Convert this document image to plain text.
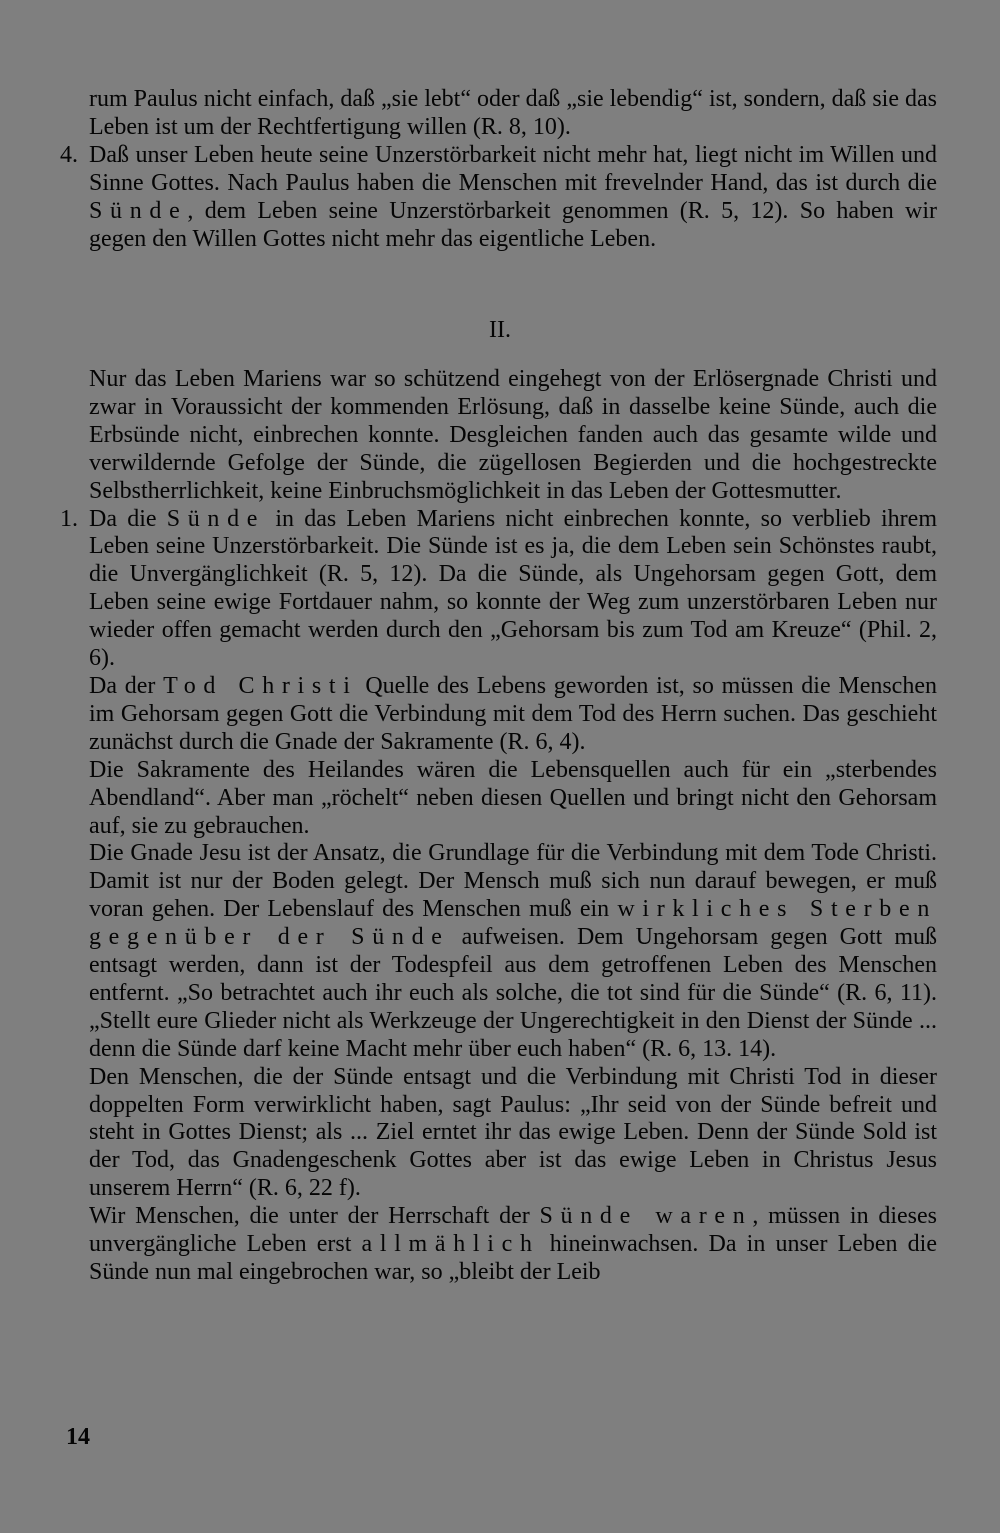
rum Paulus nicht einfach, daß „sie lebt“ oder daß „sie lebendig“ ist, sondern, daß sie das Leben ist um der Rechtfertigung willen (R. 8, 10).

4. Daß unser Leben heute seine Unzerstörbarkeit nicht mehr hat, liegt nicht im Willen und Sinne Gottes. Nach Paulus haben die Menschen mit frevelnder Hand, das ist durch die Sünde, dem Leben seine Unzerstörbarkeit genommen (R. 5, 12). So haben wir gegen den Willen Gottes nicht mehr das eigentliche Leben.

II.

Nur das Leben Mariens war so schützend eingehegt von der Erlösergnade Christi und zwar in Voraussicht der kommenden Erlösung, daß in dasselbe keine Sünde, auch die Erbsünde nicht, einbrechen konnte. Desgleichen fanden auch das gesamte wilde und verwildernde Gefolge der Sünde, die zügellosen Begierden und die hochgestreckte Selbstherrlichkeit, keine Einbruchsmöglichkeit in das Leben der Gottesmutter.

1. Da die Sünde in das Leben Mariens nicht einbrechen konnte, so verblieb ihrem Leben seine Unzerstörbarkeit. Die Sünde ist es ja, die dem Leben sein Schönstes raubt, die Unvergänglichkeit (R. 5, 12). Da die Sünde, als Ungehorsam gegen Gott, dem Leben seine ewige Fortdauer nahm, so konnte der Weg zum unzerstörbaren Leben nur wieder offen gemacht werden durch den „Gehorsam bis zum Tod am Kreuze“ (Phil. 2, 6).

Da der Tod Christi Quelle des Lebens geworden ist, so müssen die Menschen im Gehorsam gegen Gott die Verbindung mit dem Tod des Herrn suchen. Das geschieht zunächst durch die Gnade der Sakramente (R. 6, 4).

Die Sakramente des Heilandes wären die Lebensquellen auch für ein „sterbendes Abendland“. Aber man „röchelt“ neben diesen Quellen und bringt nicht den Gehorsam auf, sie zu gebrauchen.

Die Gnade Jesu ist der Ansatz, die Grundlage für die Verbindung mit dem Tode Christi. Damit ist nur der Boden gelegt. Der Mensch muß sich nun darauf bewegen, er muß voran gehen. Der Lebenslauf des Menschen muß ein wirkliches Sterben gegenüber der Sünde aufweisen. Dem Ungehorsam gegen Gott muß entsagt werden, dann ist der Todespfeil aus dem getroffenen Leben des Menschen entfernt. „So betrachtet auch ihr euch als solche, die tot sind für die Sünde“ (R. 6, 11). „Stellt eure Glieder nicht als Werkzeuge der Ungerechtigkeit in den Dienst der Sünde ... denn die Sünde darf keine Macht mehr über euch haben“ (R. 6, 13. 14).

Den Menschen, die der Sünde entsagt und die Verbindung mit Christi Tod in dieser doppelten Form verwirklicht haben, sagt Paulus: „Ihr seid von der Sünde befreit und steht in Gottes Dienst; als ... Ziel erntet ihr das ewige Leben. Denn der Sünde Sold ist der Tod, das Gnadengeschenk Gottes aber ist das ewige Leben in Christus Jesus unserem Herrn“ (R. 6, 22 f).

Wir Menschen, die unter der Herrschaft der Sünde waren, müssen in dieses unvergängliche Leben erst allmählich hineinwachsen. Da in unser Leben die Sünde nun mal eingebrochen war, so „bleibt der Leib

14
